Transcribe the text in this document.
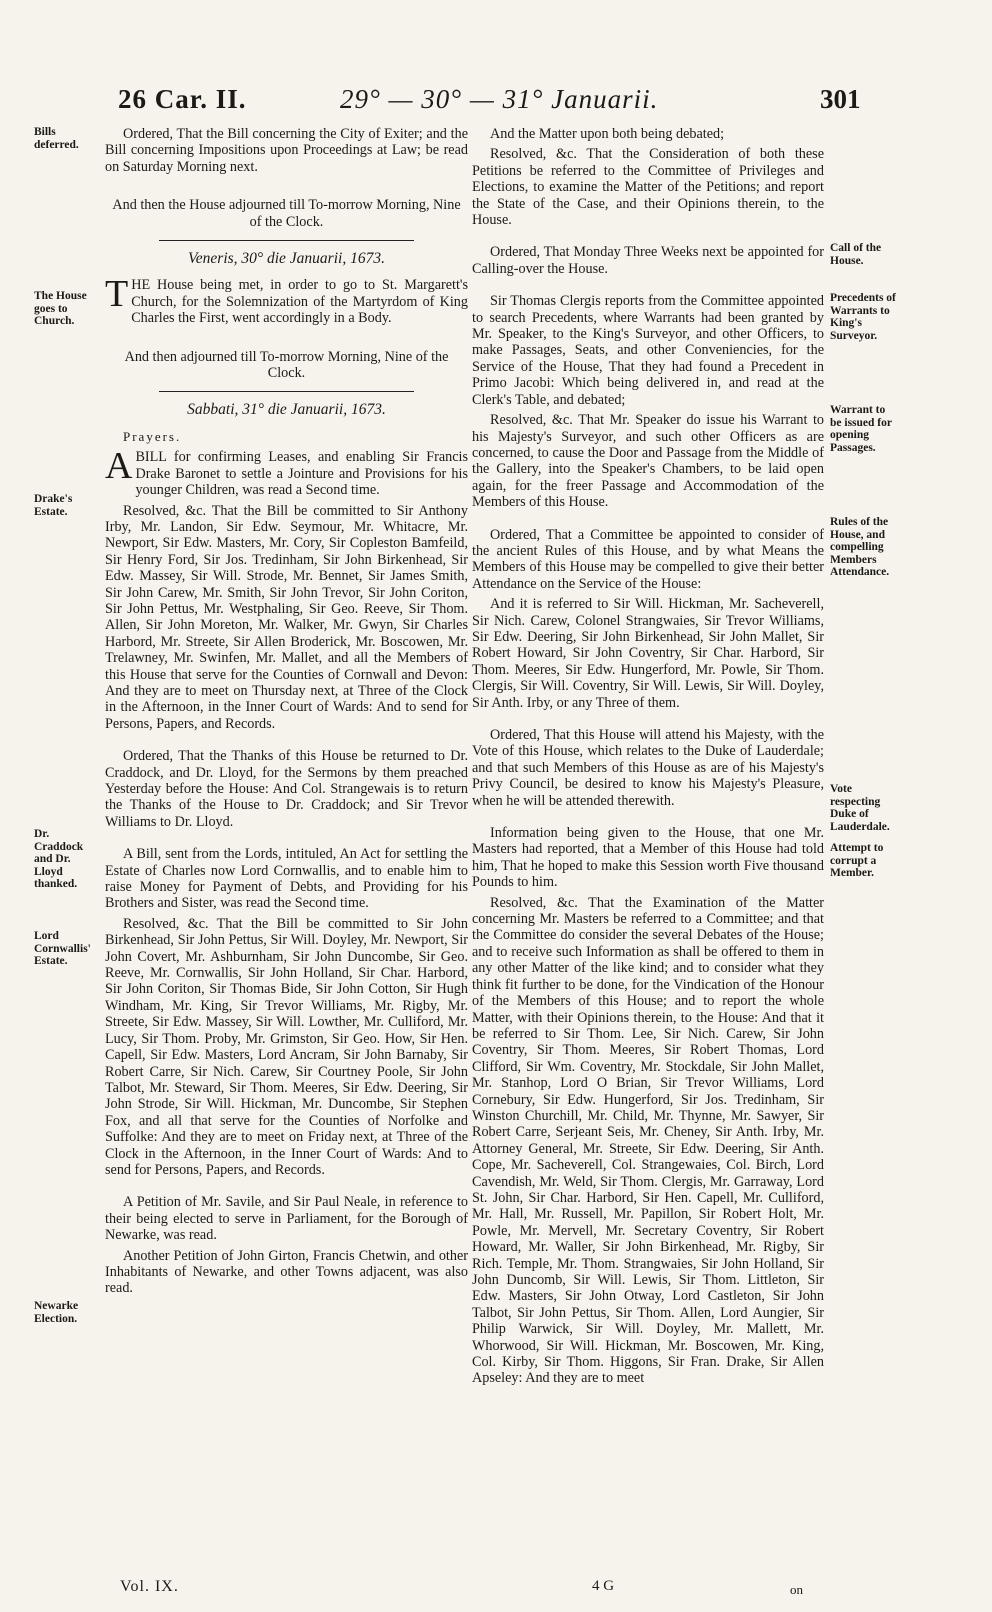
26 Car. II.	29° — 30° — 31° Januarii.	301
Bills deferred.
The House goes to Church.
Drake's Estate.
Dr. Craddock and Dr. Lloyd thanked.
Lord Cornwallis' Estate.
Newarke Election.
Call of the House.
Precedents of Warrants to King's Surveyor.
Warrant to be issued for opening Passages.
Rules of the House, and compelling Members Attendance.
Vote respecting Duke of Lauderdale.
Attempt to corrupt a Member.

Ordered, That the Bill concerning the City of Exiter; and the Bill concerning Impositions upon Proceedings at Law; be read on Saturday Morning next.

And then the House adjourned till To-morrow Morning, Nine of the Clock.

Veneris, 30° die Januarii, 1673.

THE House being met, in order to go to St. Margarett's Church, for the Solemnization of the Martyrdom of King Charles the First, went accordingly in a Body.

And then adjourned till To-morrow Morning, Nine of the Clock.

Sabbati, 31° die Januarii, 1673.

Prayers.

A BILL for confirming Leases, and enabling Sir Francis Drake Baronet to settle a Jointure and Provisions for his younger Children, was read a Second time.

Resolved, &c. That the Bill be committed to Sir Anthony Irby, Mr. Landon, Sir Edw. Seymour, Mr. Whitacre, Mr. Newport, Sir Edw. Masters, Mr. Cory, Sir Copleston Bamfeild, Sir Henry Ford, Sir Jos. Tredinham, Sir John Birkenhead, Sir Edw. Massey, Sir Will. Strode, Mr. Bennet, Sir James Smith, Sir John Carew, Mr. Smith, Sir John Trevor, Sir John Coriton, Sir John Pettus, Mr. Westphaling, Sir Geo. Reeve, Sir Thom. Allen, Sir John Moreton, Mr. Walker, Mr. Gwyn, Sir Charles Harbord, Mr. Streete, Sir Allen Broderick, Mr. Boscowen, Mr. Trelawney, Mr. Swinfen, Mr. Mallet, and all the Members of this House that serve for the Counties of Cornwall and Devon: And they are to meet on Thursday next, at Three of the Clock in the Afternoon, in the Inner Court of Wards: And to send for Persons, Papers, and Records.

Ordered, That the Thanks of this House be returned to Dr. Craddock, and Dr. Lloyd, for the Sermons by them preached Yesterday before the House: And Col. Strangewais is to return the Thanks of the House to Dr. Craddock; and Sir Trevor Williams to Dr. Lloyd.

A Bill, sent from the Lords, intituled, An Act for settling the Estate of Charles now Lord Cornwallis, and to enable him to raise Money for Payment of Debts, and Providing for his Brothers and Sister, was read the Second time.

Resolved, &c. That the Bill be committed to Sir John Birkenhead, Sir John Pettus, Sir Will. Doyley, Mr. Newport, Sir John Covert, Mr. Ashburnham, Sir John Duncombe, Sir Geo. Reeve, Mr. Cornwallis, Sir John Holland, Sir Char. Harbord, Sir John Coriton, Sir Thomas Bide, Sir John Cotton, Sir Hugh Windham, Mr. King, Sir Trevor Williams, Mr. Rigby, Mr. Streete, Sir Edw. Massey, Sir Will. Lowther, Mr. Culliford, Mr. Lucy, Sir Thom. Proby, Mr. Grimston, Sir Geo. How, Sir Hen. Capell, Sir Edw. Masters, Lord Ancram, Sir John Barnaby, Sir Robert Carre, Sir Nich. Carew, Sir Courtney Poole, Sir John Talbot, Mr. Steward, Sir Thom. Meeres, Sir Edw. Deering, Sir John Strode, Sir Will. Hickman, Mr. Duncombe, Sir Stephen Fox, and all that serve for the Counties of Norfolke and Suffolke: And they are to meet on Friday next, at Three of the Clock in the Afternoon, in the Inner Court of Wards: And to send for Persons, Papers, and Records.

A Petition of Mr. Savile, and Sir Paul Neale, in reference to their being elected to serve in Parliament, for the Borough of Newarke, was read.

Another Petition of John Girton, Francis Chetwin, and other Inhabitants of Newarke, and other Towns adjacent, was also read.

And the Matter upon both being debated;

Resolved, &c. That the Consideration of both these Petitions be referred to the Committee of Privileges and Elections, to examine the Matter of the Petitions; and report the State of the Case, and their Opinions therein, to the House.

Ordered, That Monday Three Weeks next be appointed for Calling-over the House.

Sir Thomas Clergis reports from the Committee appointed to search Precedents, where Warrants had been granted by Mr. Speaker, to the King's Surveyor, and other Officers, to make Passages, Seats, and other Conveniencies, for the Service of the House, That they had found a Precedent in Primo Jacobi: Which being delivered in, and read at the Clerk's Table, and debated;

Resolved, &c. That Mr. Speaker do issue his Warrant to his Majesty's Surveyor, and such other Officers as are concerned, to cause the Door and Passage from the Middle of the Gallery, into the Speaker's Chambers, to be laid open again, for the freer Passage and Accommodation of the Members of this House.

Ordered, That a Committee be appointed to consider of the ancient Rules of this House, and by what Means the Members of this House may be compelled to give their better Attendance on the Service of the House:

And it is referred to Sir Will. Hickman, Mr. Sacheverell, Sir Nich. Carew, Colonel Strangwaies, Sir Trevor Williams, Sir Edw. Deering, Sir John Birkenhead, Sir John Mallet, Sir Robert Howard, Sir John Coventry, Sir Char. Harbord, Sir Thom. Meeres, Sir Edw. Hungerford, Mr. Powle, Sir Thom. Clergis, Sir Will. Coventry, Sir Will. Lewis, Sir Will. Doyley, Sir Anth. Irby, or any Three of them.

Ordered, That this House will attend his Majesty, with the Vote of this House, which relates to the Duke of Lauderdale; and that such Members of this House as are of his Majesty's Privy Council, be desired to know his Majesty's Pleasure, when he will be attended therewith.

Information being given to the House, that one Mr. Masters had reported, that a Member of this House had told him, That he hoped to make this Session worth Five thousand Pounds to him.

Resolved, &c. That the Examination of the Matter concerning Mr. Masters be referred to a Committee; and that the Committee do consider the several Debates of the House; and to receive such Information as shall be offered to them in any other Matter of the like kind; and to consider what they think fit further to be done, for the Vindication of the Honour of the Members of this House; and to report the whole Matter, with their Opinions therein, to the House: And that it be referred to Sir Thom. Lee, Sir Nich. Carew, Sir John Coventry, Sir Thom. Meeres, Sir Robert Thomas, Lord Clifford, Sir Wm. Coventry, Mr. Stockdale, Sir John Mallet, Mr. Stanhop, Lord O Brian, Sir Trevor Williams, Lord Cornebury, Sir Edw. Hungerford, Sir Jos. Tredinham, Sir Winston Churchill, Mr. Child, Mr. Thynne, Mr. Sawyer, Sir Robert Carre, Serjeant Seis, Mr. Cheney, Sir Anth. Irby, Mr. Attorney General, Mr. Streete, Sir Edw. Deering, Sir Anth. Cope, Mr. Sacheverell, Col. Strangewaies, Col. Birch, Lord Cavendish, Mr. Weld, Sir Thom. Clergis, Mr. Garraway, Lord St. John, Sir Char. Harbord, Sir Hen. Capell, Mr. Culliford, Mr. Hall, Mr. Russell, Mr. Papillon, Sir Robert Holt, Mr. Powle, Mr. Mervell, Mr. Secretary Coventry, Sir Robert Howard, Mr. Waller, Sir John Birkenhead, Mr. Rigby, Sir Rich. Temple, Mr. Thom. Strangwaies, Sir John Holland, Sir John Duncomb, Sir Will. Lewis, Sir Thom. Littleton, Sir Edw. Masters, Sir John Otway, Lord Castleton, Sir John Talbot, Sir John Pettus, Sir Thom. Allen, Lord Aungier, Sir Philip Warwick, Sir Will. Doyley, Mr. Mallett, Mr. Whorwood, Sir Will. Hickman, Mr. Boscowen, Mr. King, Col. Kirby, Sir Thom. Higgons, Sir Fran. Drake, Sir Allen Apseley: And they are to meet

Vol. IX.	4 G	on
